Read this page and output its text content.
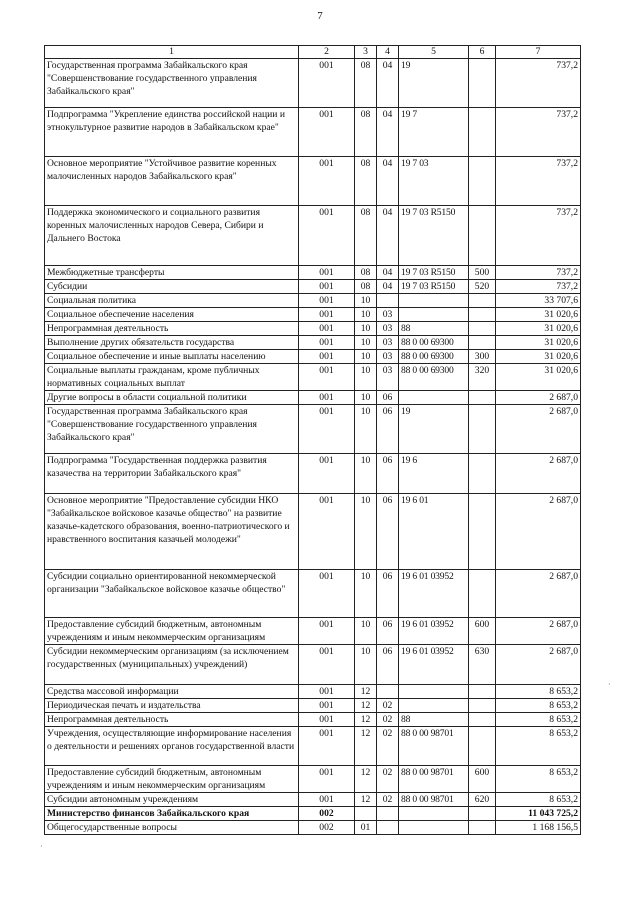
7
1	2	3	4	5	6	7
Государственная программа Забайкальского края "Совершенствование государственного управления Забайкальского края"	001	08	04	19		737,2
Подпрограмма "Укрепление единства российской нации и этнокультурное развитие народов в Забайкальском крае"	001	08	04	19 7		737,2
Основное мероприятие "Устойчивое развитие коренных малочисленных народов Забайкальского края"	001	08	04	19 7 03		737,2
Поддержка экономического и социального развития коренных малочисленных народов Севера, Сибири и Дальнего Востока	001	08	04	19 7 03 R5150		737,2
Межбюджетные трансферты	001	08	04	19 7 03 R5150	500	737,2
Субсидии	001	08	04	19 7 03 R5150	520	737,2
Социальная политика	001	10				33 707,6
Социальное обеспечение населения	001	10	03			31 020,6
Непрограммная деятельность	001	10	03	88		31 020,6
Выполнение других обязательств государства	001	10	03	88 0 00 69300		31 020,6
Социальное обеспечение и иные выплаты населению	001	10	03	88 0 00 69300	300	31 020,6
Социальные выплаты гражданам, кроме публичных нормативных социальных выплат	001	10	03	88 0 00 69300	320	31 020,6
Другие вопросы в области социальной политики	001	10	06			2 687,0
Государственная программа Забайкальского края "Совершенствование государственного управления Забайкальского края"	001	10	06	19		2 687,0
Подпрограмма "Государственная поддержка развития казачества на территории Забайкальского края"	001	10	06	19 6		2 687,0
Основное мероприятие "Предоставление субсидии НКО "Забайкальское войсковое казачье общество" на развитие казачье-кадетского образования, военно-патриотического и нравственного воспитания казачьей молодежи"	001	10	06	19 6 01		2 687,0
Субсидии социально ориентированной некоммерческой организации "Забайкальское войсковое казачье общество"	001	10	06	19 6 01 03952		2 687,0
Предоставление субсидий бюджетным, автономным учреждениям и иным некоммерческим организациям	001	10	06	19 6 01 03952	600	2 687,0
Субсидии некоммерческим организациям (за исключением государственных (муниципальных) учреждений)	001	10	06	19 6 01 03952	630	2 687,0
Средства массовой информации	001	12				8 653,2
Периодическая печать и издательства	001	12	02			8 653,2
Непрограммная деятельность	001	12	02	88		8 653,2
Учреждения, осуществляющие информирование населения о деятельности и решениях органов государственной власти	001	12	02	88 0 00 98701		8 653,2
Предоставление субсидий бюджетным, автономным учреждениям и иным некоммерческим организациям	001	12	02	88 0 00 98701	600	8 653,2
Субсидии автономным учреждениям	001	12	02	88 0 00 98701	620	8 653,2
Министерство финансов Забайкальского края	002					11 043 725,2
Общегосударственные вопросы	002	01				1 168 156,5
·
·
